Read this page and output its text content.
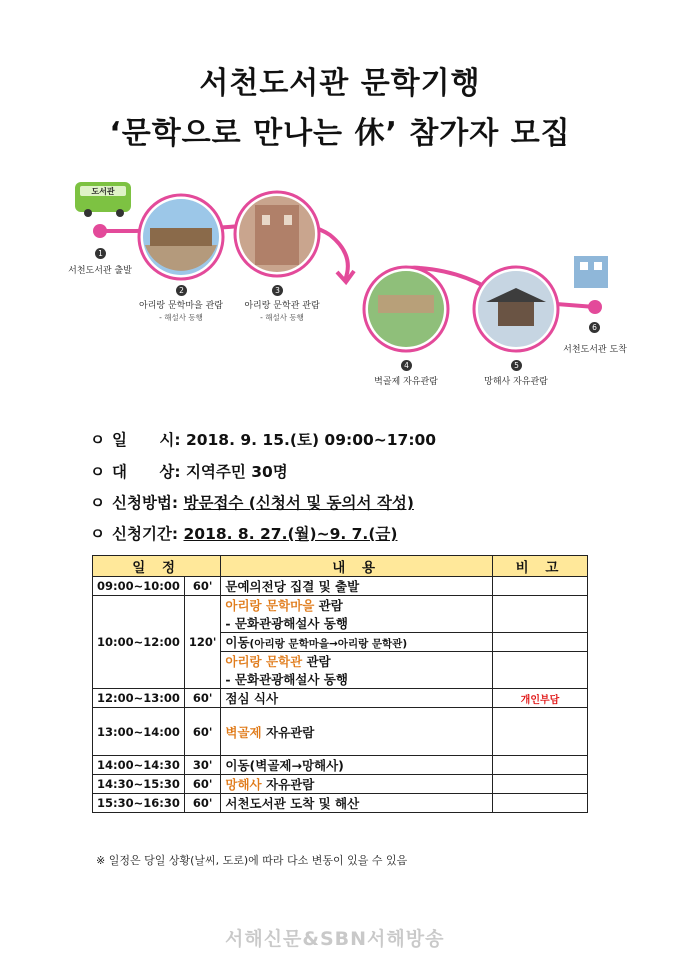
서천도서관 문학기행
‘문학으로 만나는 休’ 참가자 모집
1
서천도서관 출발
2
아리랑 문학마을 관람
- 해설사 동행
3
아리랑 문학관 관람
- 해설사 동행
4
벽골제 자유관람
5
망해사 자유관람
6
서천도서관 도착
도서관
ㅇ 일      시: 2018. 9. 15.(토) 09:00~17:00
ㅇ 대      상: 지역주민 30명
ㅇ 신청방법: 방문접수 (신청서 및 동의서 작성)
ㅇ 신청기간: 2018. 8. 27.(월)~9. 7.(금)
일 정		내 용	비 고
09:00~10:00	60'	문예의전당 집결 및 출발	
10:00~12:00	120'	아리랑 문학마을 관람	
		- 문화관광해설사 동행	
		이동(아리랑 문학마을→아리랑 문학관)	
		아리랑 문학관 관람	
		- 문화관광해설사 동행	
12:00~13:00	60'	점심 식사	개인부담
13:00~14:00	60'	벽골제 자유관람	
14:00~14:30	30'	이동(벽골제→망해사)	
14:30~15:30	60'	망해사 자유관람	
15:30~16:30	60'	서천도서관 도착 및 해산	
※ 일정은 당일 상황(날씨, 도로)에 따라 다소 변동이 있을 수 있음
서해신문&SBN서해방송
